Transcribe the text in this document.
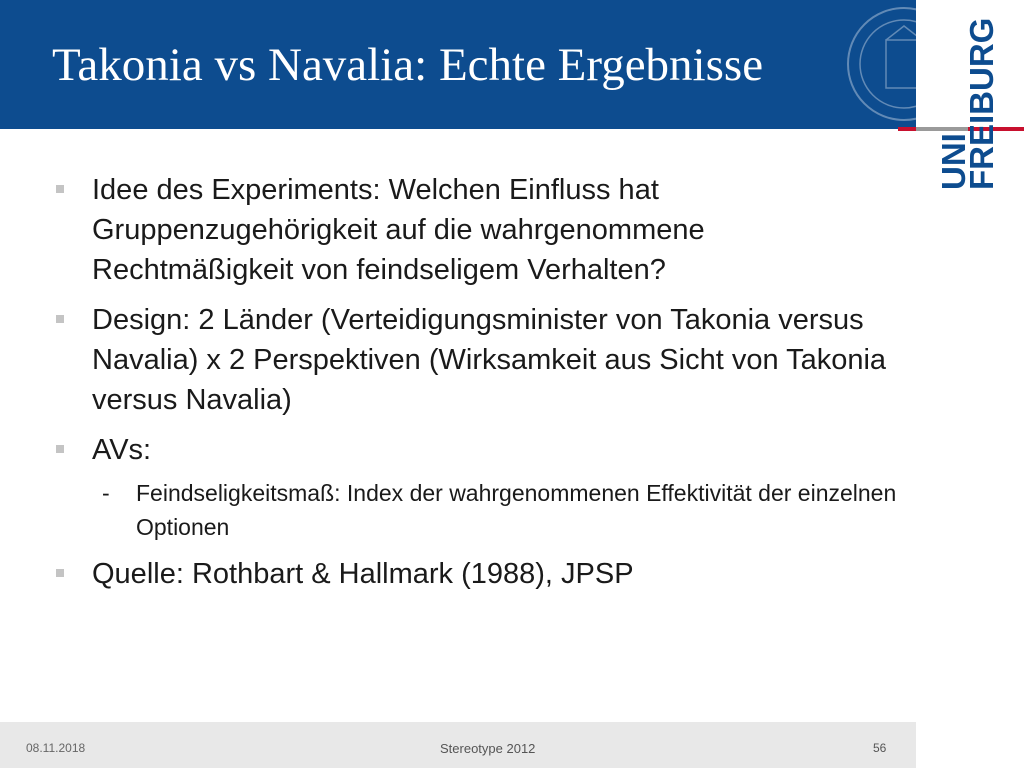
Takonia vs Navalia: Echte Ergebnisse
UNI
FREIBURG
Idee des Experiments: Welchen Einfluss hat Gruppenzugehörigkeit auf die wahrgenommene Rechtmäßigkeit von feindseligem Verhalten?
Design: 2 Länder (Verteidigungsminister von Takonia versus Navalia) x 2 Perspektiven (Wirksamkeit aus Sicht von Takonia versus Navalia)
AVs:
- Feindseligkeitsmaß: Index der wahrgenommenen Effektivität der einzelnen Optionen
Quelle: Rothbart & Hallmark (1988), JPSP
08.11.2018	Stereotype 2012	56
